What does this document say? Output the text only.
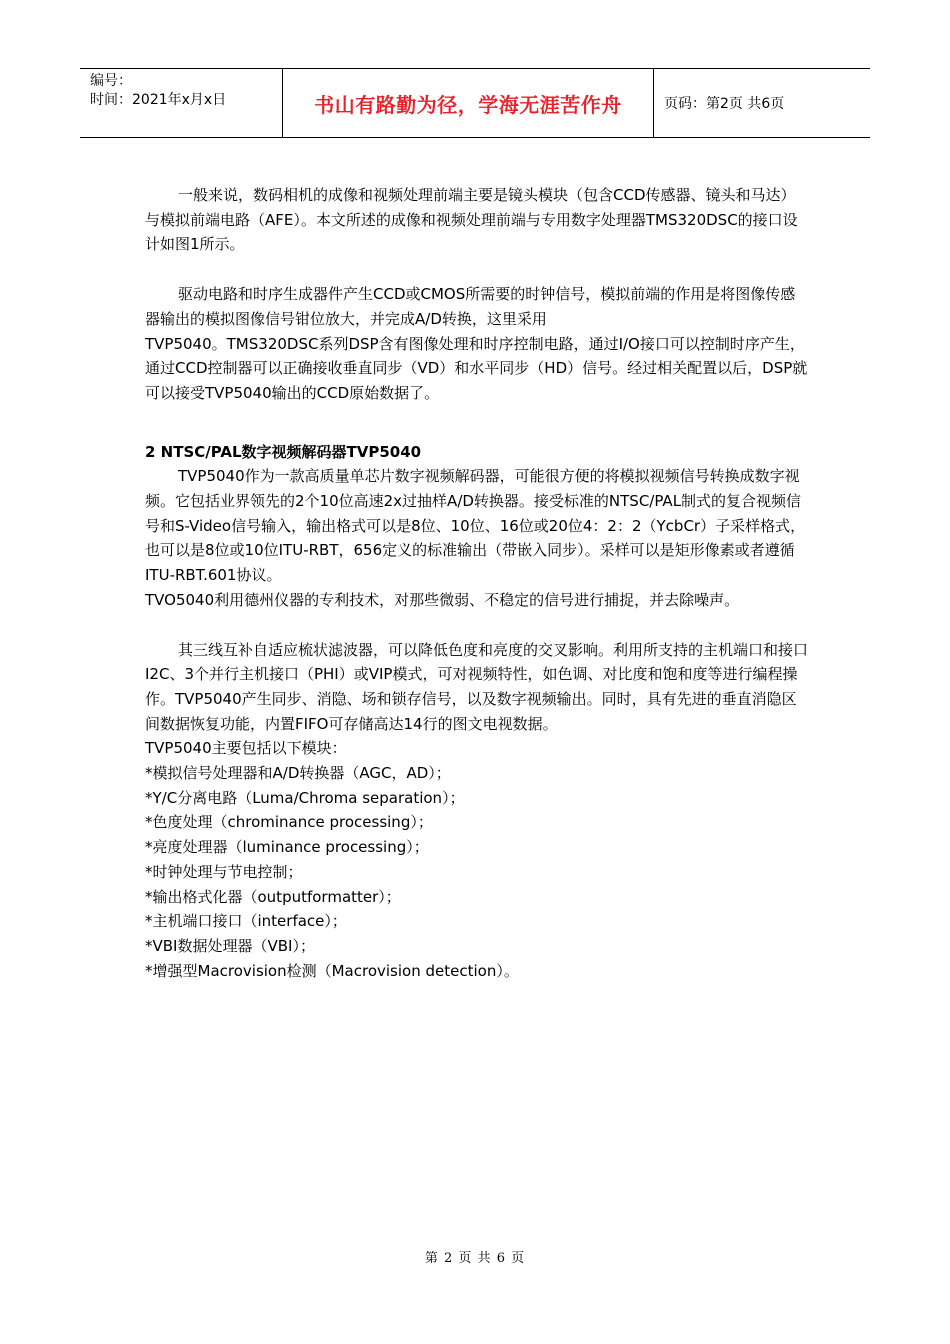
编号：
时间：2021年x月x日	书山有路勤为径，学海无涯苦作舟	页码：第2页 共6页

一般来说，数码相机的成像和视频处理前端主要是镜头模块（包含CCD传感器、镜头和马达）与模拟前端电路（AFE）。本文所述的成像和视频处理前端与专用数字处理器TMS320DSC的接口设计如图1所示。

驱动电路和时序生成器件产生CCD或CMOS所需要的时钟信号，模拟前端的作用是将图像传感器输出的模拟图像信号钳位放大，并完成A/D转换，这里采用

TVP5040。TMS320DSC系列DSP含有图像处理和时序控制电路，通过I/O接口可以控制时序产生，通过CCD控制器可以正确接收垂直同步（VD）和水平同步（HD）信号。经过相关配置以后，DSP就可以接受TVP5040输出的CCD原始数据了。

2 NTSC/PAL数字视频解码器TVP5040

TVP5040作为一款高质量单芯片数字视频解码器，可能很方便的将模拟视频信号转换成数字视频。它包括业界领先的2个10位高速2x过抽样A/D转换器。接受标准的NTSC/PAL制式的复合视频信号和S-Video信号输入，输出格式可以是8位、10位、16位或20位4：2：2（YcbCr）子采样格式，也可以是8位或10位ITU-RBT，656定义的标准输出（带嵌入同步）。采样可以是矩形像素或者遵循ITU-RBT.601协议。

TVO5040利用德州仪器的专利技术，对那些微弱、不稳定的信号进行捕捉，并去除噪声。

其三线互补自适应梳状滤波器，可以降低色度和亮度的交叉影响。利用所支持的主机端口和接口I2C、3个并行主机接口（PHI）或VIP模式，可对视频特性，如色调、对比度和饱和度等进行编程操作。TVP5040产生同步、消隐、场和锁存信号，以及数字视频输出。同时，具有先进的垂直消隐区间数据恢复功能，内置FIFO可存储高达14行的图文电视数据。

TVP5040主要包括以下模块：

*模拟信号处理器和A/D转换器（AGC，AD）；

*Y/C分离电路（Luma/Chroma separation）；

*色度处理（chrominance processing）；

*亮度处理器（luminance processing）；

*时钟处理与节电控制；

*输出格式化器（outputformatter）；

*主机端口接口（interface）；

*VBI数据处理器（VBI）；

*增强型Macrovision检测（Macrovision detection）。

第 2 页 共 6 页
